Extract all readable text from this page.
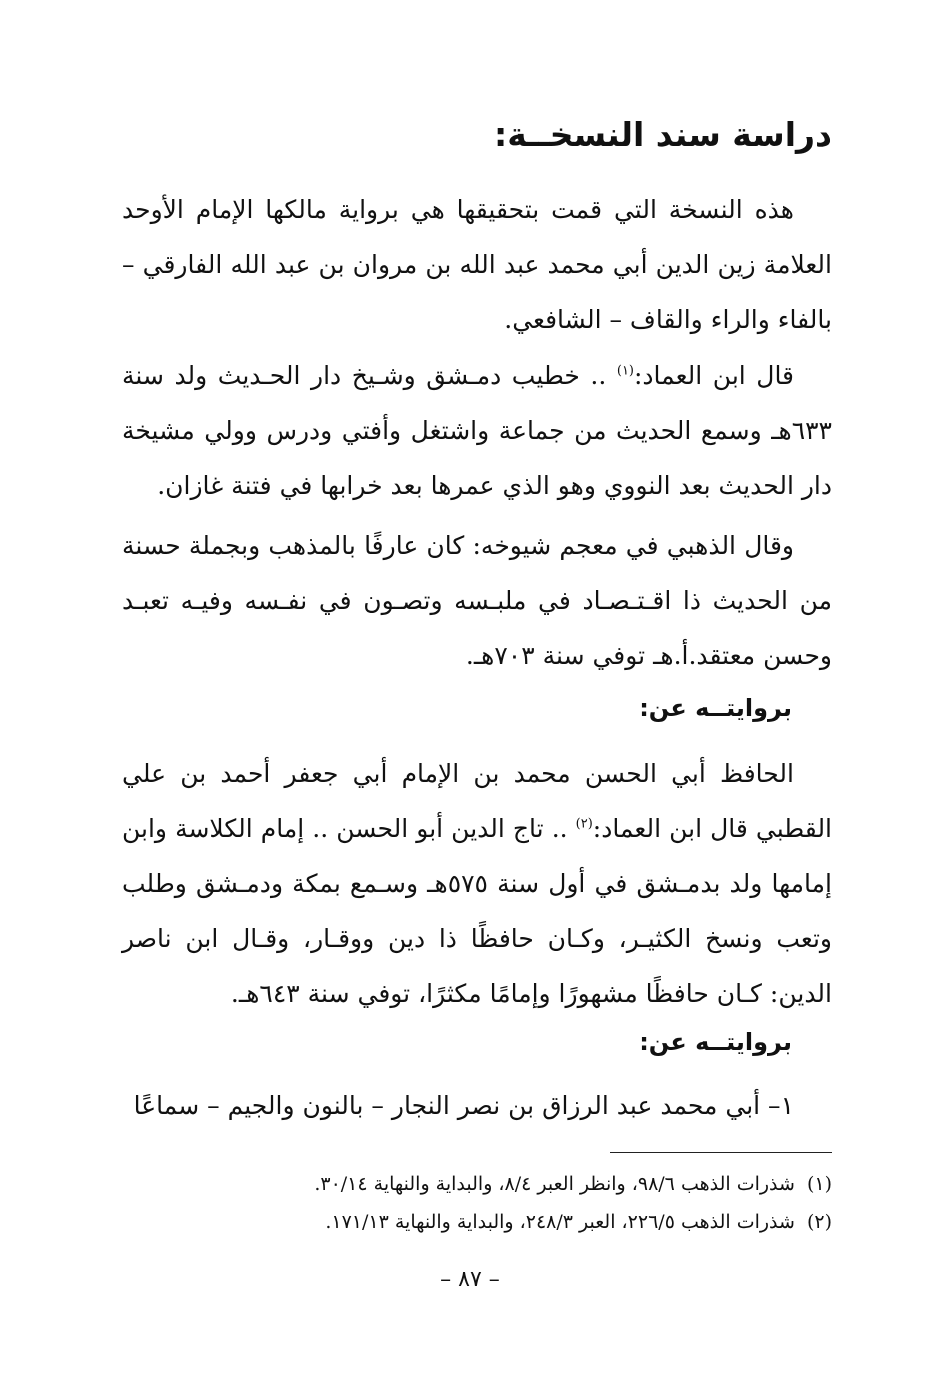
دراسة سند النسخــة:

هذه النسخة التي قمت بتحقيقها هي برواية مالكها الإمام الأوحد العلامة زين الدين أبي محمد عبد الله بن مروان بن عبد الله الفارقي – بالفاء والراء والقاف – الشافعي.

قال ابن العماد:$^{(١)}$ .. خطيب دمـشق وشـيخ دار الحـديث ولد سنة ٦٣٣هـ وسمع الحديث من جماعة واشتغل وأفتي ودرس وولي مشيخة دار الحديث بعد النووي وهو الذي عمرها بعد خرابها في فتنة غازان.

وقال الذهبي في معجم شيوخه: كان عارفًا بالمذهب وبجملة حسنة من الحديث ذا اقـتـصـاد في ملبـسه وتصـون في نفـسه وفيـه تعبـد وحسن معتقد.أ.هـ توفي سنة ٧٠٣هـ.

بروايتــه عن:

الحافظ أبي الحسن محمد بن الإمام أبي جعفر أحمد بن علي القطبي قال ابن العماد:$^{(٢)}$ .. تاج الدين أبو الحسن .. إمام الكلاسة وابن إمامها ولد بدمـشق في أول سنة ٥٧٥هـ وسـمع بمكة ودمـشق وطلب وتعب ونسخ الكثيـر، وكـان حافظًا ذا دين ووقـار، وقـال ابن ناصر الدين: كـان حافظًا مشهورًا وإمامًا مكثرًا، توفي سنة ٦٤٣هـ.

بروايتــه عن:

١– أبي محمد عبد الرزاق بن نصر النجار – بالنون والجيم – سماعًا

(١)شذرات الذهب ٩٨/٦، وانظر العبر ٨/٤، والبداية والنهاية ٣٠/١٤.

(٢)شذرات الذهب ٢٢٦/٥، العبر ٢٤٨/٣، والبداية والنهاية ١٧١/١٣.

– ٨٧ –
